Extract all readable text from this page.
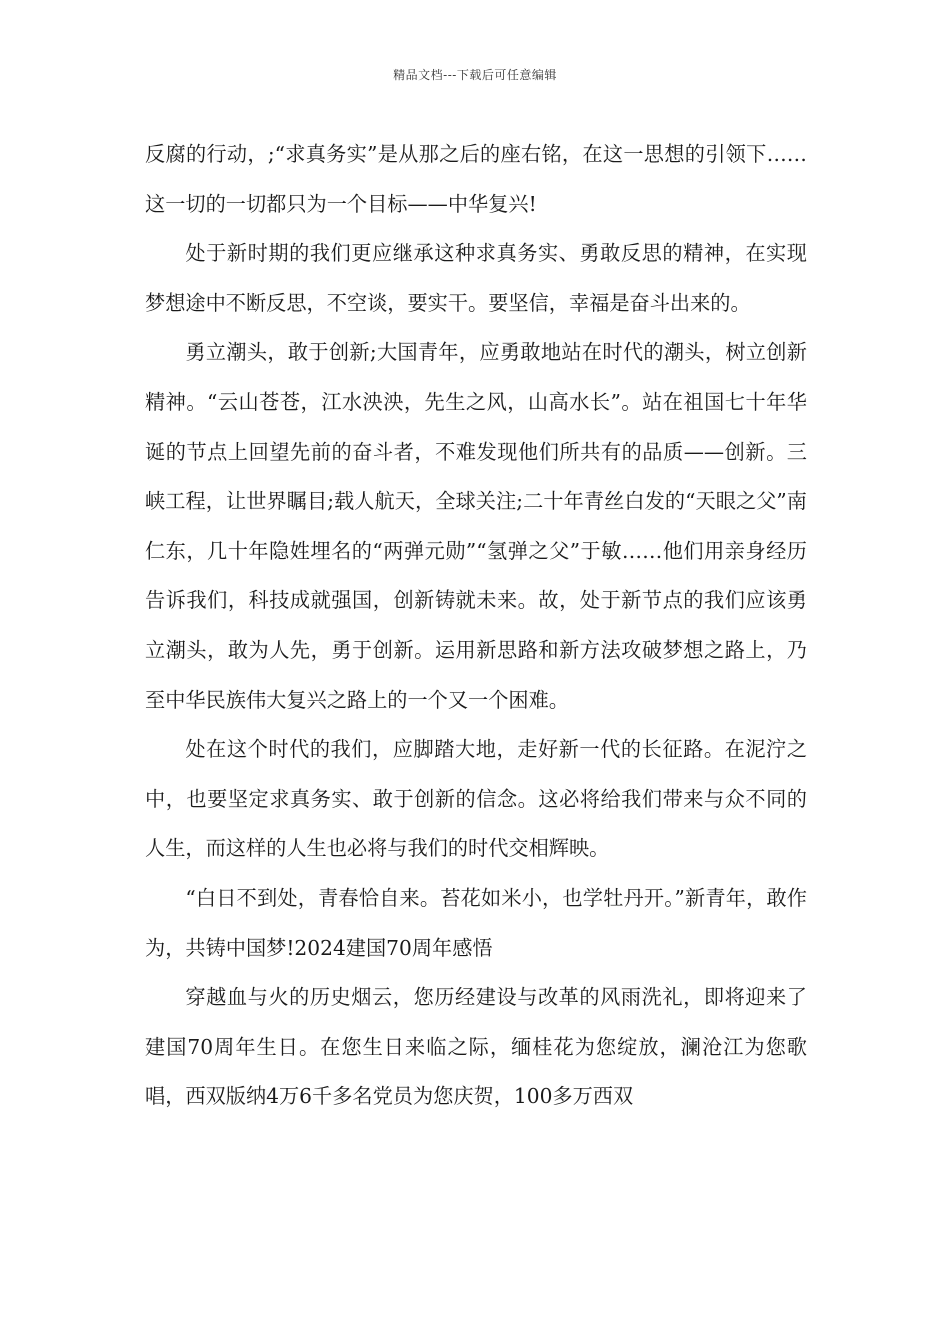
精品文档---下载后可任意编辑

反腐的行动，;“求真务实”是从那之后的座右铭，在这一思想的引领下……这一切的一切都只为一个目标——中华复兴!

处于新时期的我们更应继承这种求真务实、勇敢反思的精神，在实现梦想途中不断反思，不空谈，要实干。要坚信，幸福是奋斗出来的。

勇立潮头，敢于创新;大国青年，应勇敢地站在时代的潮头，树立创新精神。“云山苍苍，江水泱泱，先生之风，山高水长”。站在祖国七十年华诞的节点上回望先前的奋斗者，不难发现他们所共有的品质——创新。三峡工程，让世界瞩目;载人航天，全球关注;二十年青丝白发的“天眼之父”南仁东，几十年隐姓埋名的“两弹元勋”“氢弹之父”于敏……他们用亲身经历告诉我们，科技成就强国，创新铸就未来。故，处于新节点的我们应该勇立潮头，敢为人先，勇于创新。运用新思路和新方法攻破梦想之路上，乃至中华民族伟大复兴之路上的一个又一个困难。

处在这个时代的我们，应脚踏大地，走好新一代的长征路。在泥泞之中，也要坚定求真务实、敢于创新的信念。这必将给我们带来与众不同的人生，而这样的人生也必将与我们的时代交相辉映。

“白日不到处，青春恰自来。苔花如米小，也学牡丹开。”新青年，敢作为，共铸中国梦!2024建国70周年感悟

穿越血与火的历史烟云，您历经建设与改革的风雨洗礼，即将迎来了建国70周年生日。在您生日来临之际，缅桂花为您绽放，澜沧江为您歌唱，西双版纳4万6千多名党员为您庆贺，100多万西双
